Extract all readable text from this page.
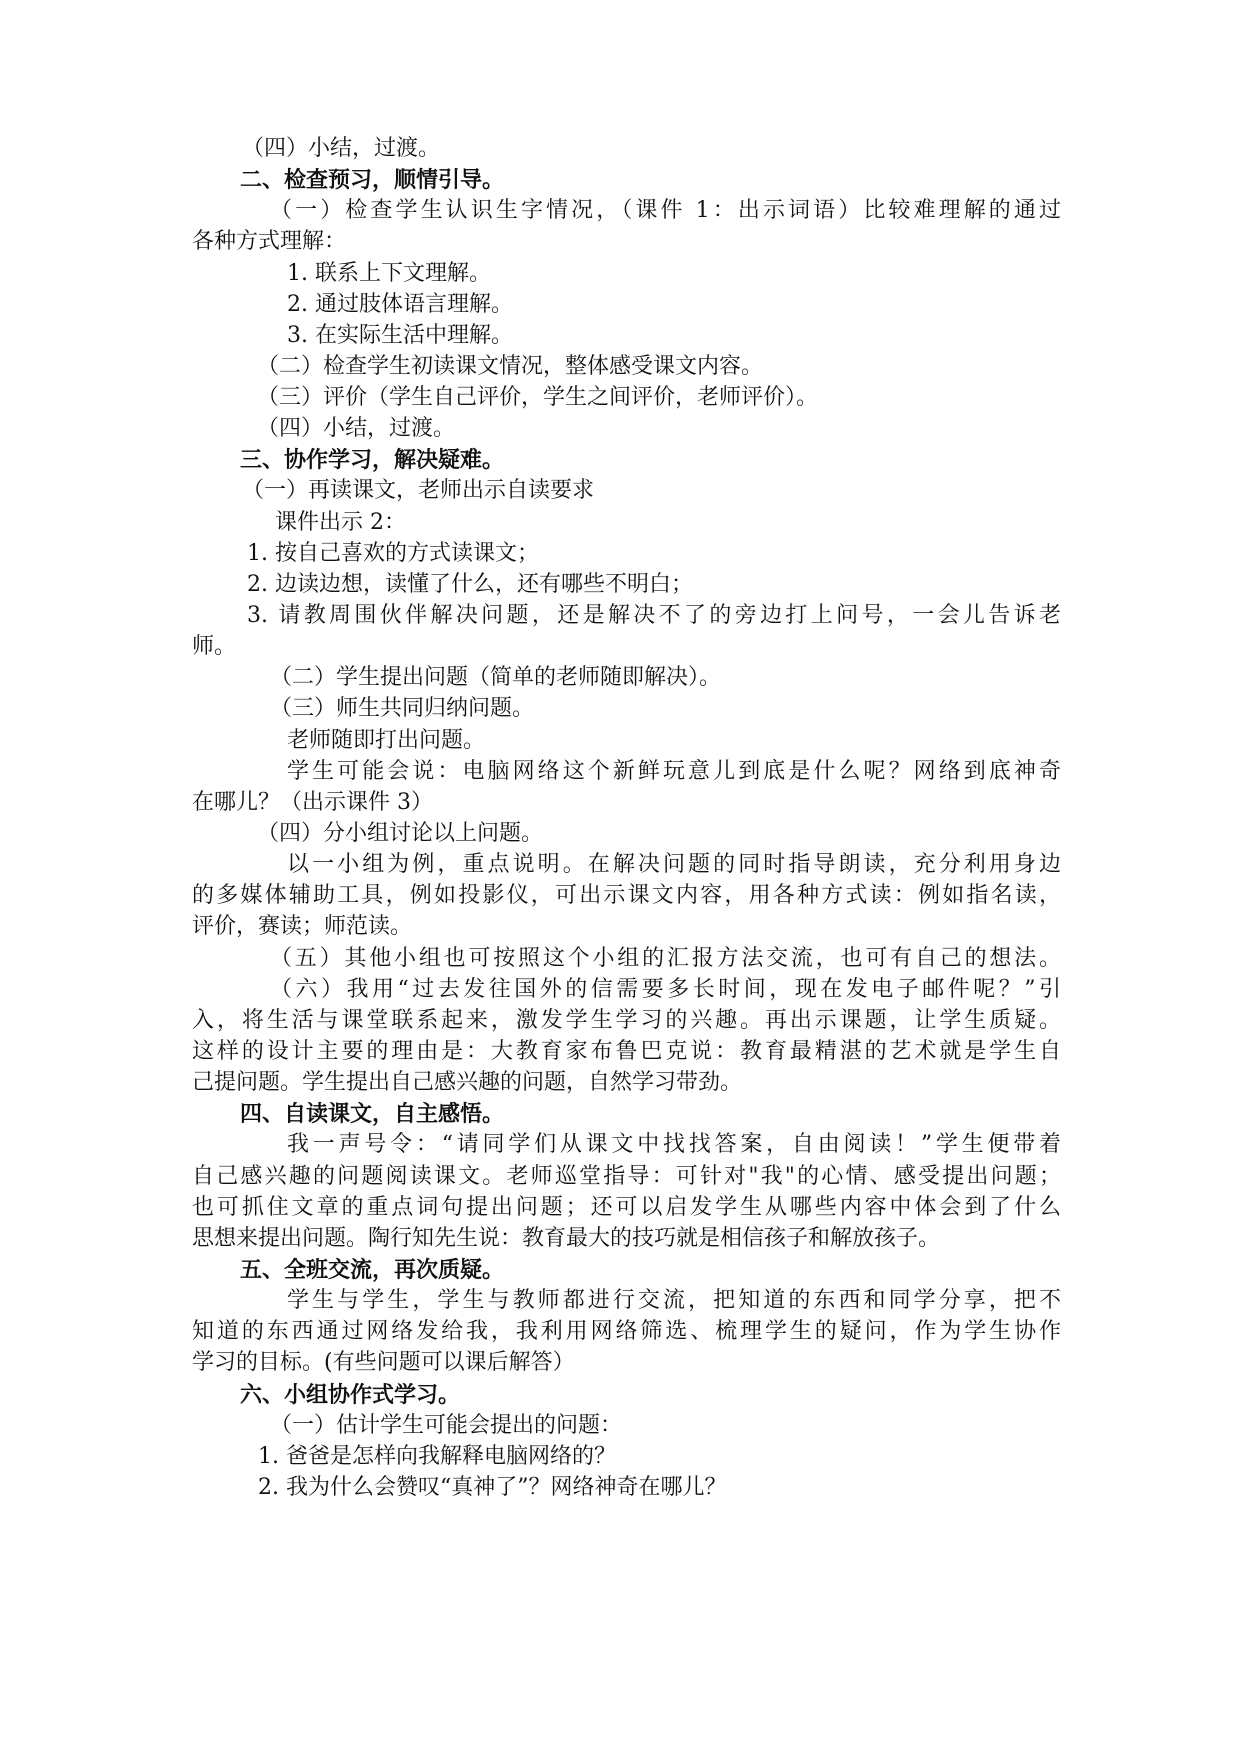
（四）小结，过渡。

二、检查预习，顺情引导。

（一）检查学生认识生字情况，（课件 1：出示词语）比较难理解的通过

各种方式理解：

1. 联系上下文理解。

2. 通过肢体语言理解。

3. 在实际生活中理解。

（二）检查学生初读课文情况，整体感受课文内容。

（三）评价（学生自己评价，学生之间评价，老师评价）。

（四）小结，过渡。

三、协作学习，解决疑难。

（一）再读课文，老师出示自读要求

课件出示 2：

1. 按自己喜欢的方式读课文；

2. 边读边想，读懂了什么，还有哪些不明白；

3. 请教周围伙伴解决问题，还是解决不了的旁边打上问号，一会儿告诉老

师。

（二）学生提出问题（简单的老师随即解决）。

（三）师生共同归纳问题。

老师随即打出问题。

学生可能会说：电脑网络这个新鲜玩意儿到底是什么呢？网络到底神奇

在哪儿？（出示课件 3）

（四）分小组讨论以上问题。

以一小组为例，重点说明。在解决问题的同时指导朗读，充分利用身边

的多媒体辅助工具，例如投影仪，可出示课文内容，用各种方式读：例如指名读，

评价，赛读；师范读。

（五）其他小组也可按照这个小组的汇报方法交流，也可有自己的想法。

（六）我用“过去发往国外的信需要多长时间，现在发电子邮件呢？”引

入，将生活与课堂联系起来，激发学生学习的兴趣。再出示课题，让学生质疑。

这样的设计主要的理由是：大教育家布鲁巴克说：教育最精湛的艺术就是学生自

己提问题。学生提出自己感兴趣的问题，自然学习带劲。

四、自读课文，自主感悟。

我一声号令：“请同学们从课文中找找答案，自由阅读！”学生便带着

自己感兴趣的问题阅读课文。老师巡堂指导：可针对"我"的心情、感受提出问题；

也可抓住文章的重点词句提出问题；还可以启发学生从哪些内容中体会到了什么

思想来提出问题。陶行知先生说：教育最大的技巧就是相信孩子和解放孩子。

五、全班交流，再次质疑。

学生与学生，学生与教师都进行交流，把知道的东西和同学分享，把不

知道的东西通过网络发给我，我利用网络筛选、梳理学生的疑问，作为学生协作

学习的目标。(有些问题可以课后解答）

六、小组协作式学习。

（一）估计学生可能会提出的问题：

1. 爸爸是怎样向我解释电脑网络的？

2. 我为什么会赞叹“真神了”？网络神奇在哪儿？
